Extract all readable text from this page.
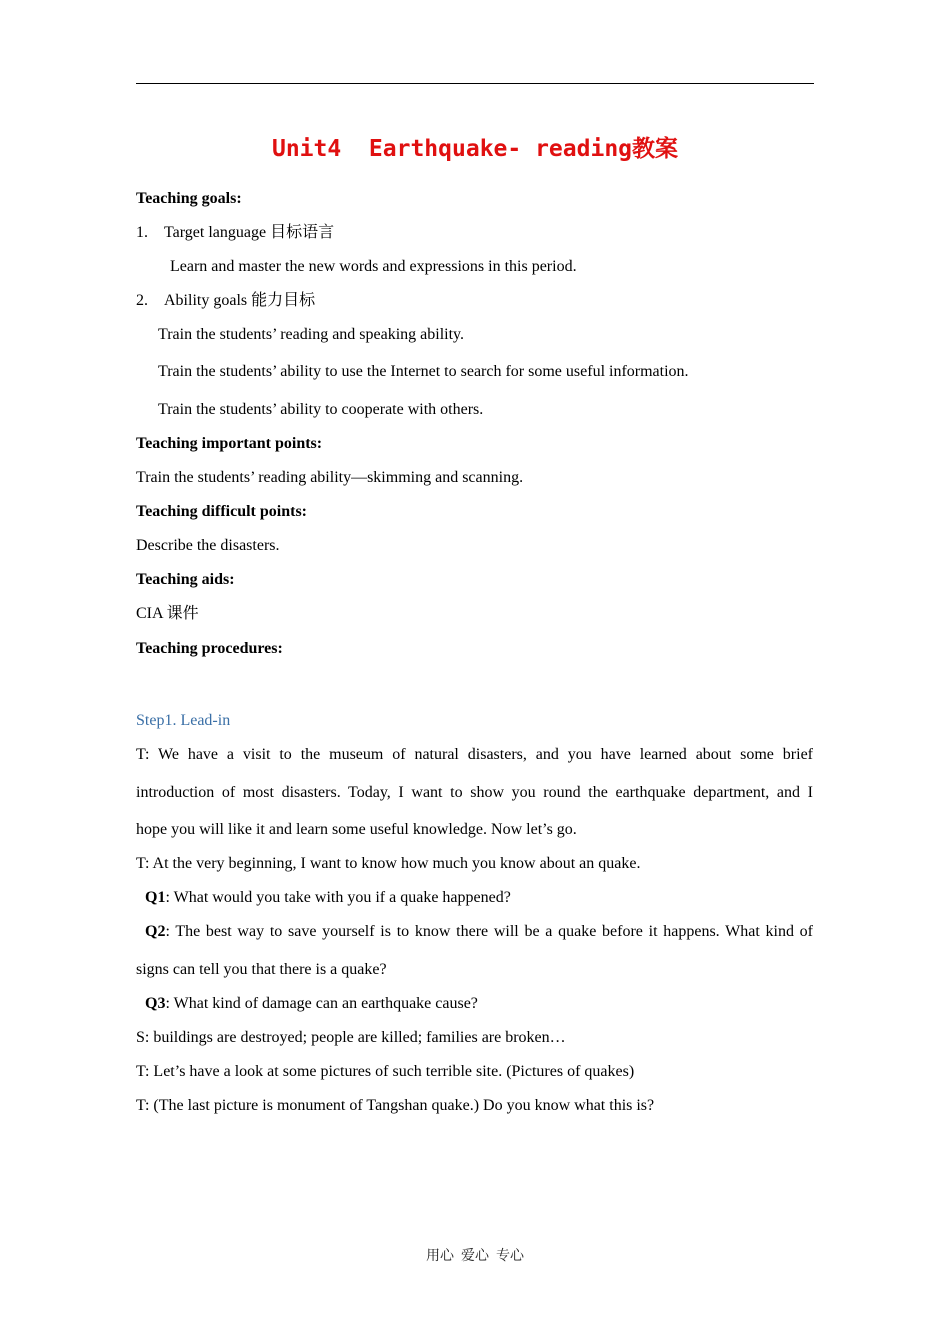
Unit4  Earthquake- reading教案
Teaching goals:
1. Target language 目标语言
Learn and master the new words and expressions in this period.
2. Ability goals 能力目标
Train the students’ reading and speaking ability.
Train the students’ ability to use the Internet to search for some useful information.
Train the students’ ability to cooperate with others.
Teaching important points:
Train the students’ reading ability—skimming and scanning.
Teaching difficult points:
Describe the disasters.
Teaching aids:
CIA 课件
Teaching procedures:
Step1. Lead-in
T: We have a visit to the museum of natural disasters, and you have learned about some brief
introduction of most disasters. Today, I want to show you round the earthquake department, and I
hope you will like it and learn some useful knowledge. Now let’s go.
T: At the very beginning, I want to know how much you know about an quake.
Q1: What would you take with you if a quake happened?
Q2: The best way to save yourself is to know there will be a quake before it happens. What kind of
signs can tell you that there is a quake?
Q3: What kind of damage can an earthquake cause?
S: buildings are destroyed; people are killed; families are broken…
T: Let’s have a look at some pictures of such terrible site. (Pictures of quakes)
T: (The last picture is monument of Tangshan quake.) Do you know what this is?
用心  爱心  专心
